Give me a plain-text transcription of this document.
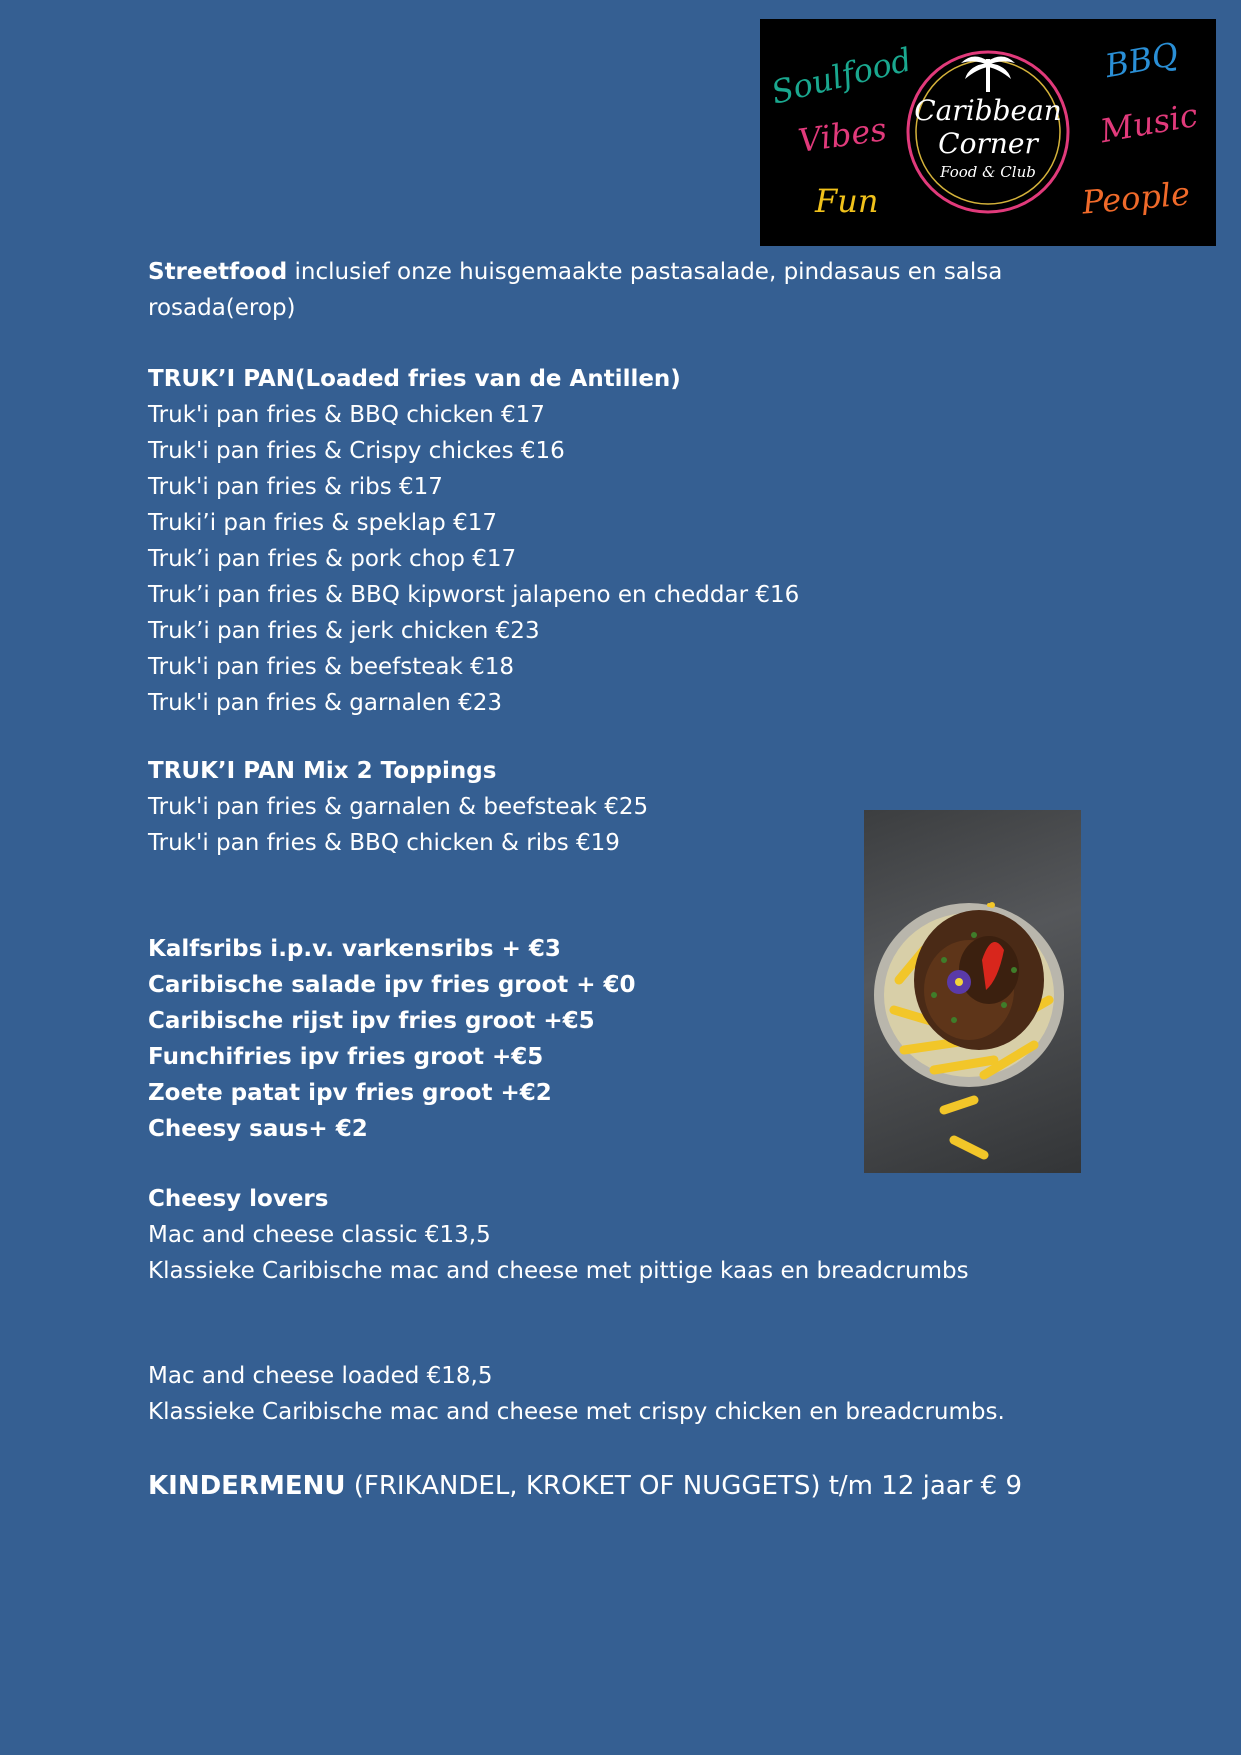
Soulfood
Vibes
Fun
BBQ
Music
People
Caribbean
Corner
Food & Club
Streetfood inclusief onze huisgemaakte pastasalade, pindasaus en salsa rosada(erop)
TRUK’I PAN(Loaded fries van de Antillen)
Truk'i pan fries & BBQ chicken €17
Truk'i pan fries & Crispy chickes €16
Truk'i pan fries & ribs €17
Truki’i pan fries & speklap €17
Truk’i pan fries & pork chop €17
Truk’i pan fries & BBQ kipworst jalapeno en cheddar €16
Truk’i pan fries & jerk chicken €23
Truk'i pan fries & beefsteak €18
Truk'i pan fries & garnalen €23
TRUK’I PAN Mix 2 Toppings
Truk'i pan fries & garnalen & beefsteak €25
Truk'i pan fries & BBQ chicken & ribs €19
Kalfsribs i.p.v. varkensribs + €3
Caribische salade ipv fries groot + €0
Caribische rijst ipv fries groot +€5
Funchifries ipv fries groot +€5
Zoete patat ipv fries groot +€2
Cheesy saus+ €2
Cheesy lovers
Mac and cheese classic €13,5
Klassieke Caribische mac and cheese met pittige kaas en breadcrumbs
Mac and cheese loaded €18,5
Klassieke Caribische mac and cheese met crispy chicken en breadcrumbs.
KINDERMENU (FRIKANDEL, KROKET OF NUGGETS) t/m 12 jaar € 9
